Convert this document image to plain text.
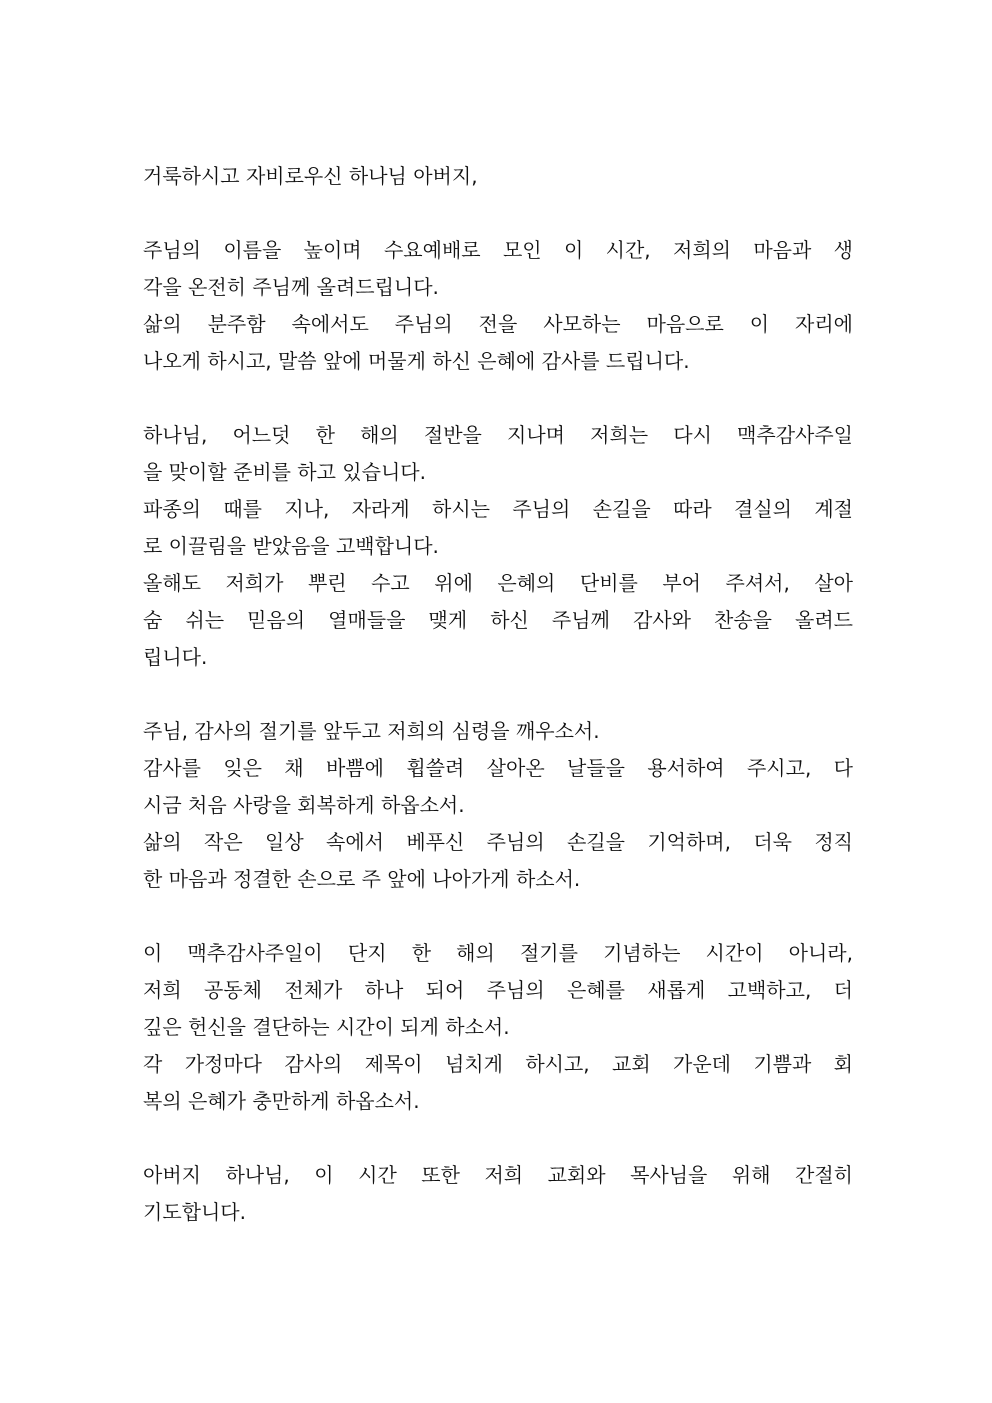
거룩하시고 자비로우신 하나님 아버지,
주님의 이름을 높이며 수요예배로 모인 이 시간, 저희의 마음과 생
각을 온전히 주님께 올려드립니다.
삶의 분주함 속에서도 주님의 전을 사모하는 마음으로 이 자리에
나오게 하시고, 말씀 앞에 머물게 하신 은혜에 감사를 드립니다.
하나님, 어느덧 한 해의 절반을 지나며 저희는 다시 맥추감사주일
을 맞이할 준비를 하고 있습니다.
파종의 때를 지나, 자라게 하시는 주님의 손길을 따라 결실의 계절
로 이끌림을 받았음을 고백합니다.
올해도 저희가 뿌린 수고 위에 은혜의 단비를 부어 주셔서, 살아
숨 쉬는 믿음의 열매들을 맺게 하신 주님께 감사와 찬송을 올려드
립니다.
주님, 감사의 절기를 앞두고 저희의 심령을 깨우소서.
감사를 잊은 채 바쁨에 휩쓸려 살아온 날들을 용서하여 주시고, 다
시금 처음 사랑을 회복하게 하옵소서.
삶의 작은 일상 속에서 베푸신 주님의 손길을 기억하며, 더욱 정직
한 마음과 정결한 손으로 주 앞에 나아가게 하소서.
이 맥추감사주일이 단지 한 해의 절기를 기념하는 시간이 아니라,
저희 공동체 전체가 하나 되어 주님의 은혜를 새롭게 고백하고, 더
깊은 헌신을 결단하는 시간이 되게 하소서.
각 가정마다 감사의 제목이 넘치게 하시고, 교회 가운데 기쁨과 회
복의 은혜가 충만하게 하옵소서.
아버지 하나님, 이 시간 또한 저희 교회와 목사님을 위해 간절히
기도합니다.
